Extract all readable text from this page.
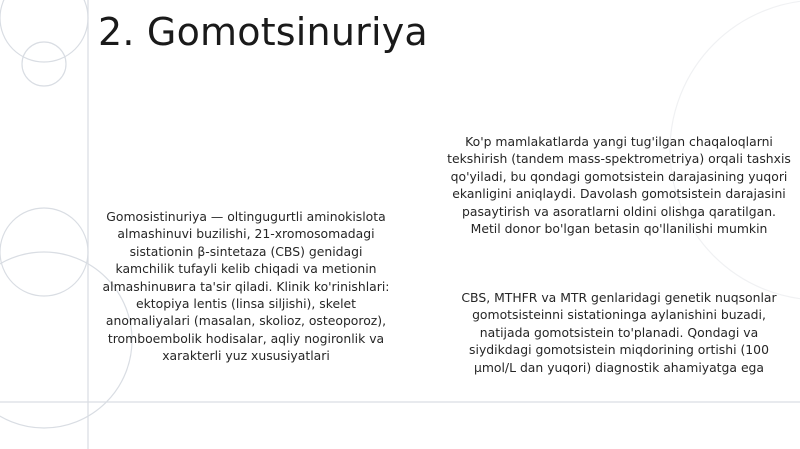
2. Gomotsinuriya
Gomosistinuriya — oltingugurtli aminokislota almashinuvi buzilishi, 21-xromosomadagi sistationin β-sintetaza (CBS) genidagi kamchilik tufayli kelib chiqadi va metionin almashinuвига ta'sir qiladi. Klinik ko'rinishlari: ektopiya lentis (linsa siljishi), skelet anomaliyalari (masalan, skolioz, osteoporoz), tromboembolik hodisalar, aqliy nogironlik va xarakterli yuz xususiyatlari
Ko'p mamlakatlarda yangi tug'ilgan chaqaloqlarni tekshirish (tandem mass-spektrometriya) orqali tashxis qo'yiladi, bu qondagi gomotsistein darajasining yuqori ekanligini aniqlaydi. Davolash gomotsistein darajasini pasaytirish va asoratlarni oldini olishga qaratilgan. Metil donor bo'lgan betasin qo'llanilishi mumkin
CBS, MTHFR va MTR genlaridagi genetik nuqsonlar gomotsisteinni sistationinga aylanishini buzadi, natijada gomotsistein to'planadi. Qondagi va siydikdagi gomotsistein miqdorining ortishi (100 µmol/L dan yuqori) diagnostik ahamiyatga ega
